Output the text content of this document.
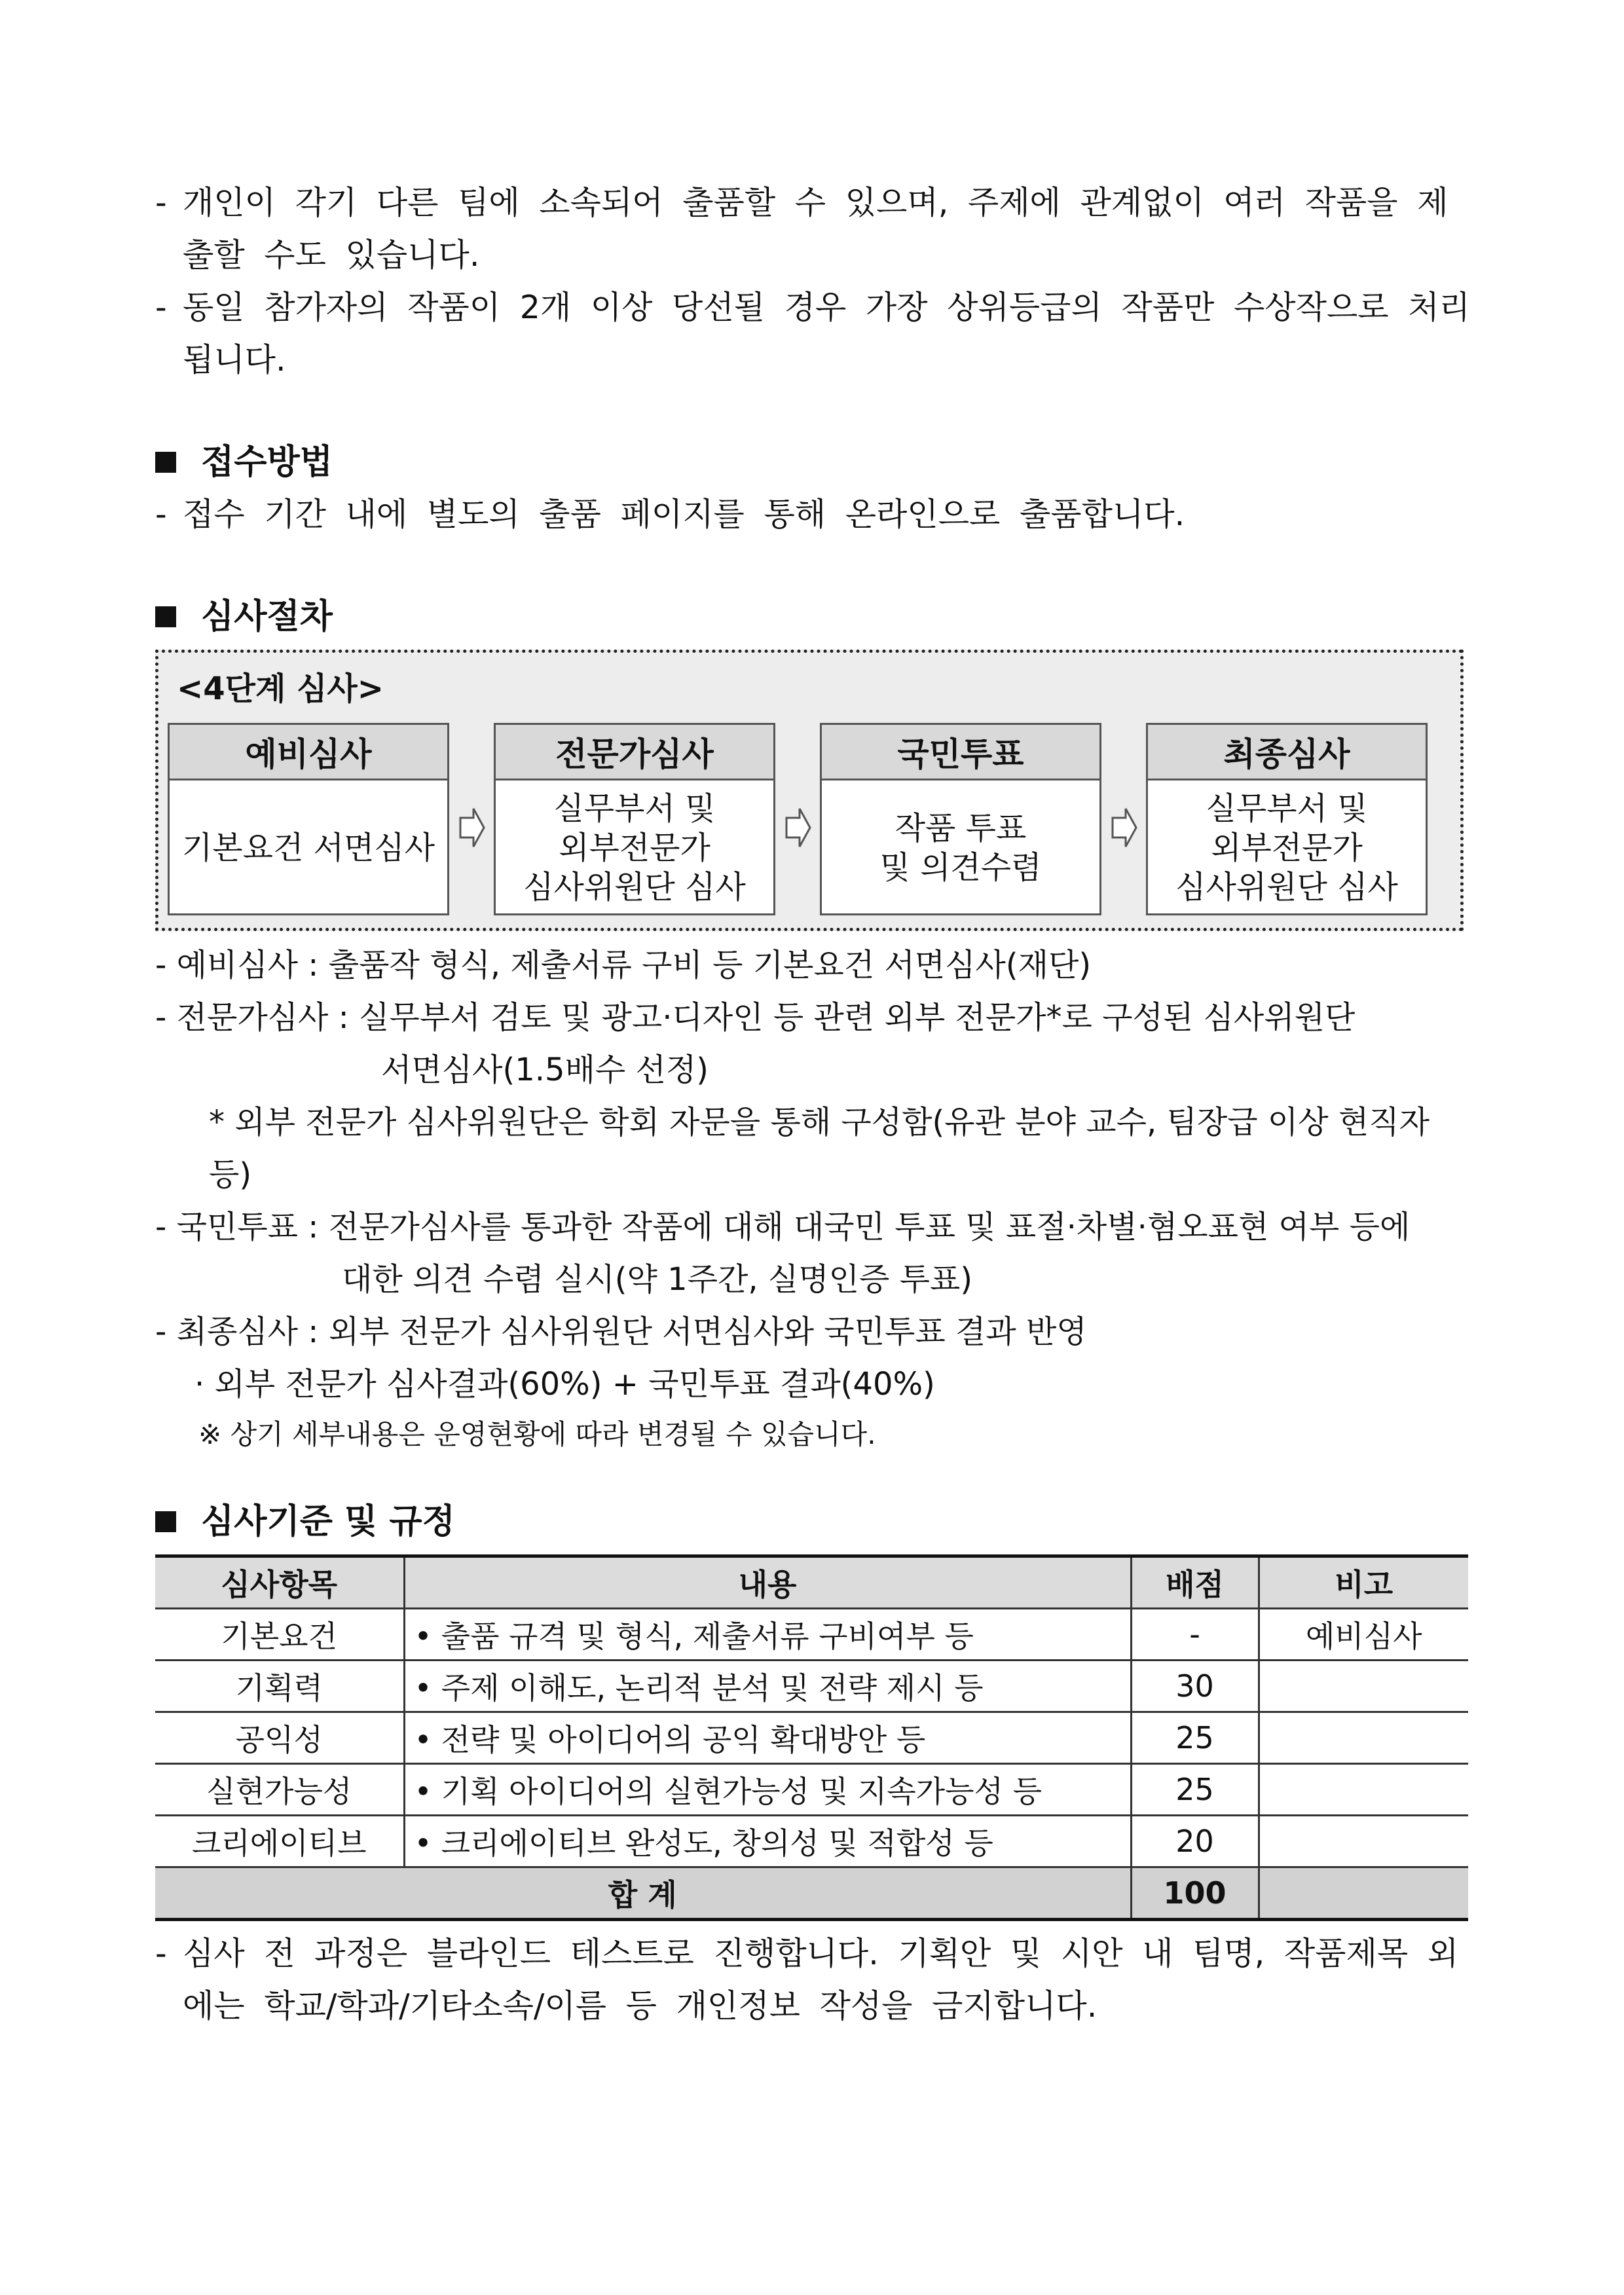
- 개인이 각기 다른 팀에 소속되어 출품할 수 있으며, 주제에 관계없이 여러 작품을 제출할 수도 있습니다.
- 동일 참가자의 작품이 2개 이상 당선될 경우 가장 상위등급의 작품만 수상작으로 처리됩니다.
접수방법
- 접수 기간 내에 별도의 출품 페이지를 통해 온라인으로 출품합니다.
심사절차
<4단계 심사>
예비심사
기본요건 서면심사
전문가심사
실무부서 및
외부전문가
심사위원단 심사
국민투표
작품 투표
및 의견수렴
최종심사
실무부서 및
외부전문가
심사위원단 심사
- 예비심사 : 출품작 형식, 제출서류 구비 등 기본요건 서면심사(재단)
- 전문가심사 : 실무부서 검토 및 광고·디자인 등 관련 외부 전문가*로 구성된 심사위원단
서면심사(1.5배수 선정)
* 외부 전문가 심사위원단은 학회 자문을 통해 구성함(유관 분야 교수, 팀장급 이상 현직자 등)
- 국민투표 : 전문가심사를 통과한 작품에 대해 대국민 투표 및 표절·차별·혐오표현 여부 등에
대한 의견 수렴 실시(약 1주간, 실명인증 투표)
- 최종심사 : 외부 전문가 심사위원단 서면심사와 국민투표 결과 반영
· 외부 전문가 심사결과(60%) + 국민투표 결과(40%)
※ 상기 세부내용은 운영현황에 따라 변경될 수 있습니다.
심사기준 및 규정
심사항목	내용	배점	비고
기본요건	• 출품 규격 및 형식, 제출서류 구비여부 등	-	예비심사
기획력	• 주제 이해도, 논리적 분석 및 전략 제시 등	30	
공익성	• 전략 및 아이디어의 공익 확대방안 등	25	
실현가능성	• 기획 아이디어의 실현가능성 및 지속가능성 등	25	
크리에이티브	• 크리에이티브 완성도, 창의성 및 적합성 등	20	
합 계		100	
- 심사 전 과정은 블라인드 테스트로 진행합니다. 기획안 및 시안 내 팀명, 작품제목 외에는 학교/학과/기타소속/이름 등 개인정보 작성을 금지합니다.
